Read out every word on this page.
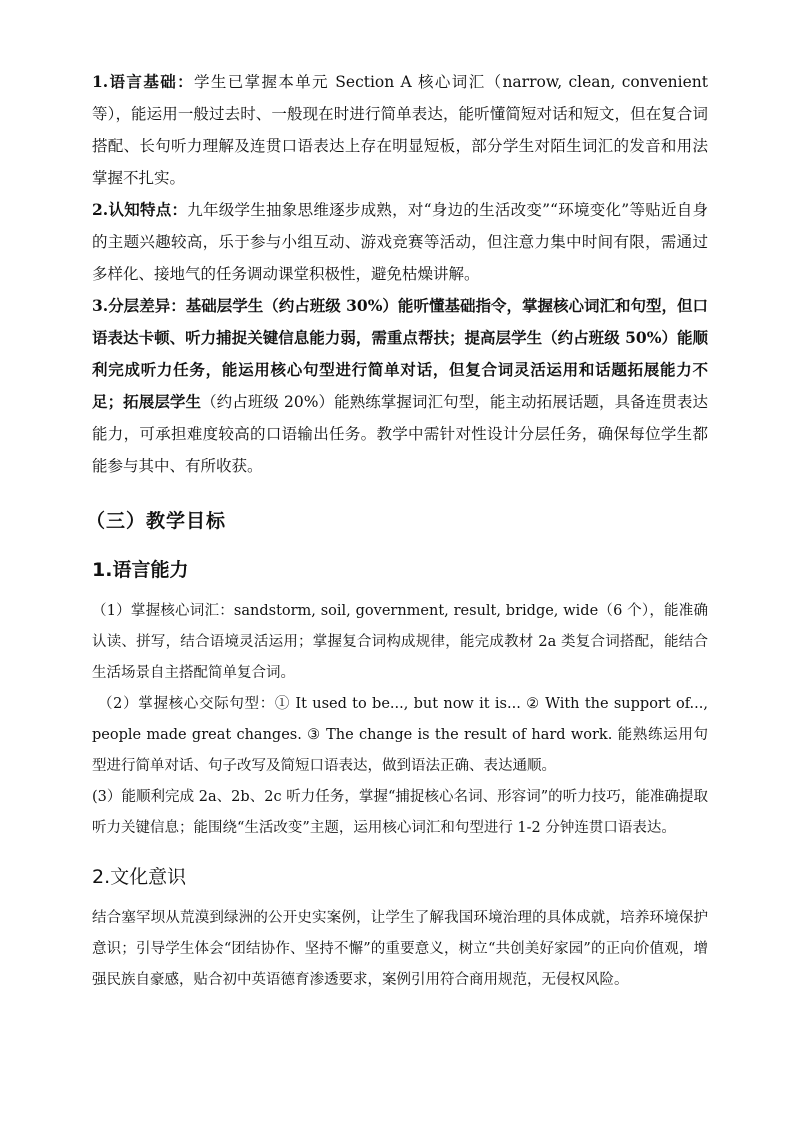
1.语言基础：学生已掌握本单元 Section A 核心词汇（narrow, clean, convenient 等），能运用一般过去时、一般现在时进行简单表达，能听懂简短对话和短文，但在复合词搭配、长句听力理解及连贯口语表达上存在明显短板，部分学生对陌生词汇的发音和用法掌握不扎实。

2.认知特点：九年级学生抽象思维逐步成熟，对“身边的生活改变”“环境变化”等贴近自身的主题兴趣较高，乐于参与小组互动、游戏竞赛等活动，但注意力集中时间有限，需通过多样化、接地气的任务调动课堂积极性，避免枯燥讲解。

3.分层差异：基础层学生（约占班级 30%）能听懂基础指令，掌握核心词汇和句型，但口语表达卡顿、听力捕捉关键信息能力弱，需重点帮扶；提高层学生（约占班级 50%）能顺利完成听力任务，能运用核心句型进行简单对话，但复合词灵活运用和话题拓展能力不足；拓展层学生（约占班级 20%）能熟练掌握词汇句型，能主动拓展话题，具备连贯表达能力，可承担难度较高的口语输出任务。教学中需针对性设计分层任务，确保每位学生都能参与其中、有所收获。

（三）教学目标
1.语言能力

（1）掌握核心词汇：sandstorm, soil, government, result, bridge, wide（6 个），能准确认读、拼写，结合语境灵活运用；掌握复合词构成规律，能完成教材 2a 类复合词搭配，能结合生活场景自主搭配简单复合词。

（2）掌握核心交际句型：① It used to be..., but now it is... ② With the support of..., people made great changes. ③ The change is the result of hard work. 能熟练运用句型进行简单对话、句子改写及简短口语表达，做到语法正确、表达通顺。

(3）能顺利完成 2a、2b、2c 听力任务，掌握“捕捉核心名词、形容词”的听力技巧，能准确提取听力关键信息；能围绕“生活改变”主题，运用核心词汇和句型进行 1-2 分钟连贯口语表达。

2.文化意识

结合塞罕坝从荒漠到绿洲的公开史实案例，让学生了解我国环境治理的具体成就，培养环境保护意识；引导学生体会“团结协作、坚持不懈”的重要意义，树立“共创美好家园”的正向价值观，增强民族自豪感，贴合初中英语德育渗透要求，案例引用符合商用规范，无侵权风险。
